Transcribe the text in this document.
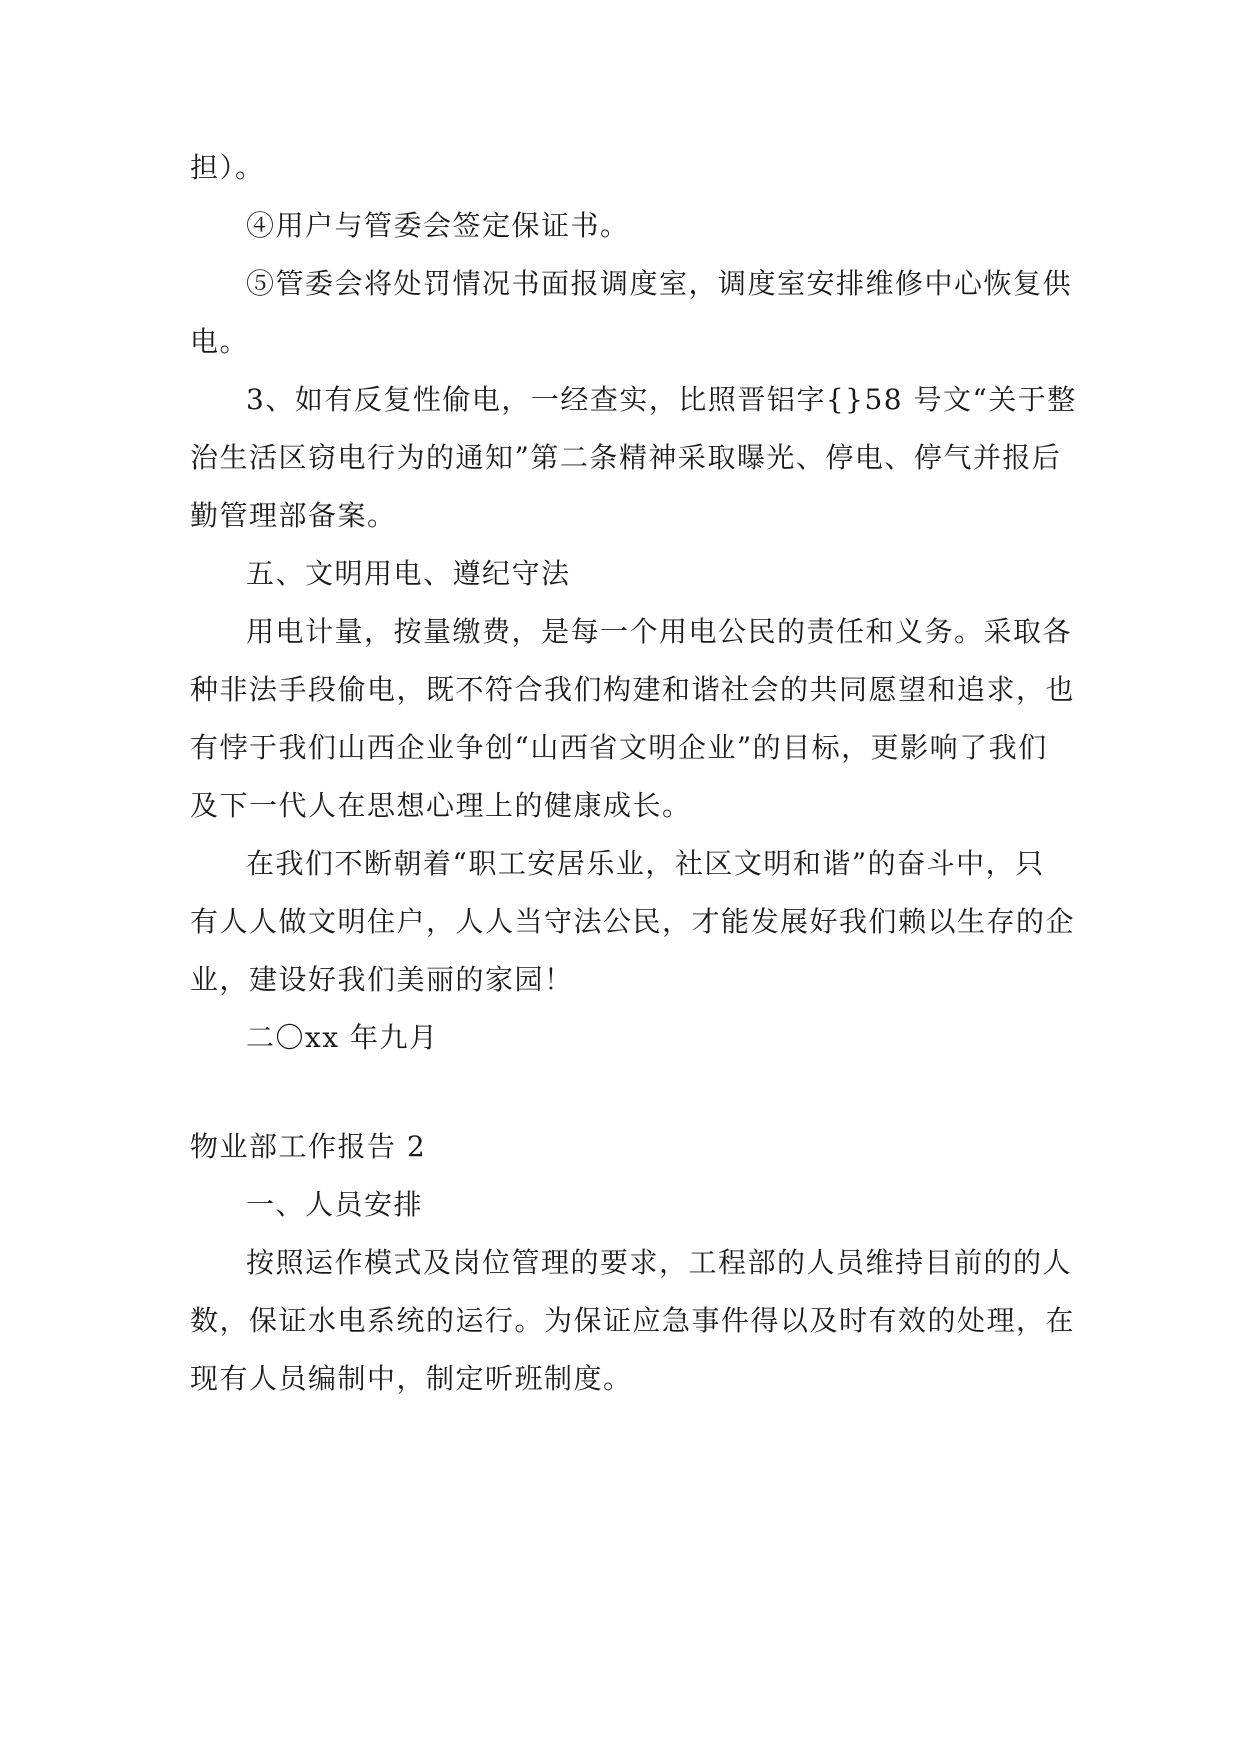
担）。
④用户与管委会签定保证书。
⑤管委会将处罚情况书面报调度室，调度室安排维修中心恢复供
电。
3、如有反复性偷电，一经查实，比照晋铝字{}58 号文“关于整
治生活区窃电行为的通知”第二条精神采取曝光、停电、停气并报后
勤管理部备案。
五、文明用电、遵纪守法
用电计量，按量缴费，是每一个用电公民的责任和义务。采取各
种非法手段偷电，既不符合我们构建和谐社会的共同愿望和追求，也
有悖于我们山西企业争创“山西省文明企业”的目标，更影响了我们
及下一代人在思想心理上的健康成长。
在我们不断朝着“职工安居乐业，社区文明和谐”的奋斗中，只
有人人做文明住户，人人当守法公民，才能发展好我们赖以生存的企
业，建设好我们美丽的家园！
二〇xx 年九月
物业部工作报告 2
一、人员安排
按照运作模式及岗位管理的要求，工程部的人员维持目前的的人
数，保证水电系统的运行。为保证应急事件得以及时有效的处理，在
现有人员编制中，制定听班制度。
